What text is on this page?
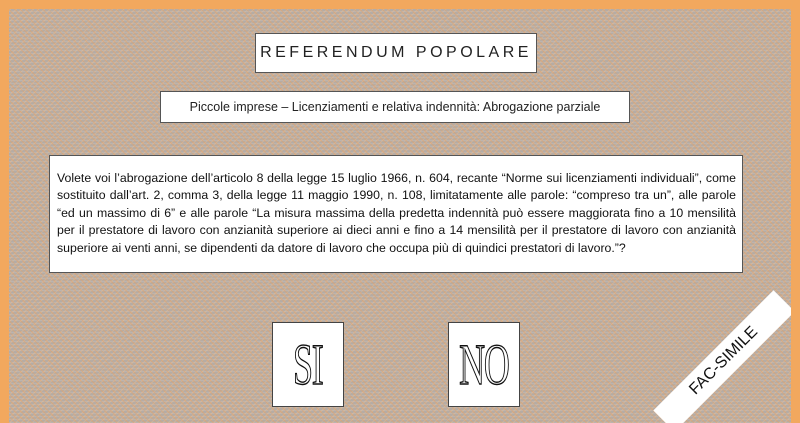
REFERENDUM POPOLARE
Piccole imprese – Licenziamenti e relativa indennità: Abrogazione parziale
Volete voi l’abrogazione dell’articolo 8 della legge 15 luglio 1966, n. 604, recante “Norme sui licenziamenti individuali”, come sostituito dall’art. 2, comma 3, della legge 11 maggio 1990, n. 108, limitatamente alle parole: “compreso tra un”, alle parole “ed un massimo di 6” e alle parole “La misura massima della predetta indennità può essere maggiorata fino a 10 mensilità per il prestatore di lavoro con anzianità superiore ai dieci anni e fino a 14 mensilità per il prestatore di lavoro con anzianità superiore ai venti anni, se dipendenti da datore di lavoro che occupa più di quindici prestatori di lavoro.”?
SI NO	FAC-SIMILE
